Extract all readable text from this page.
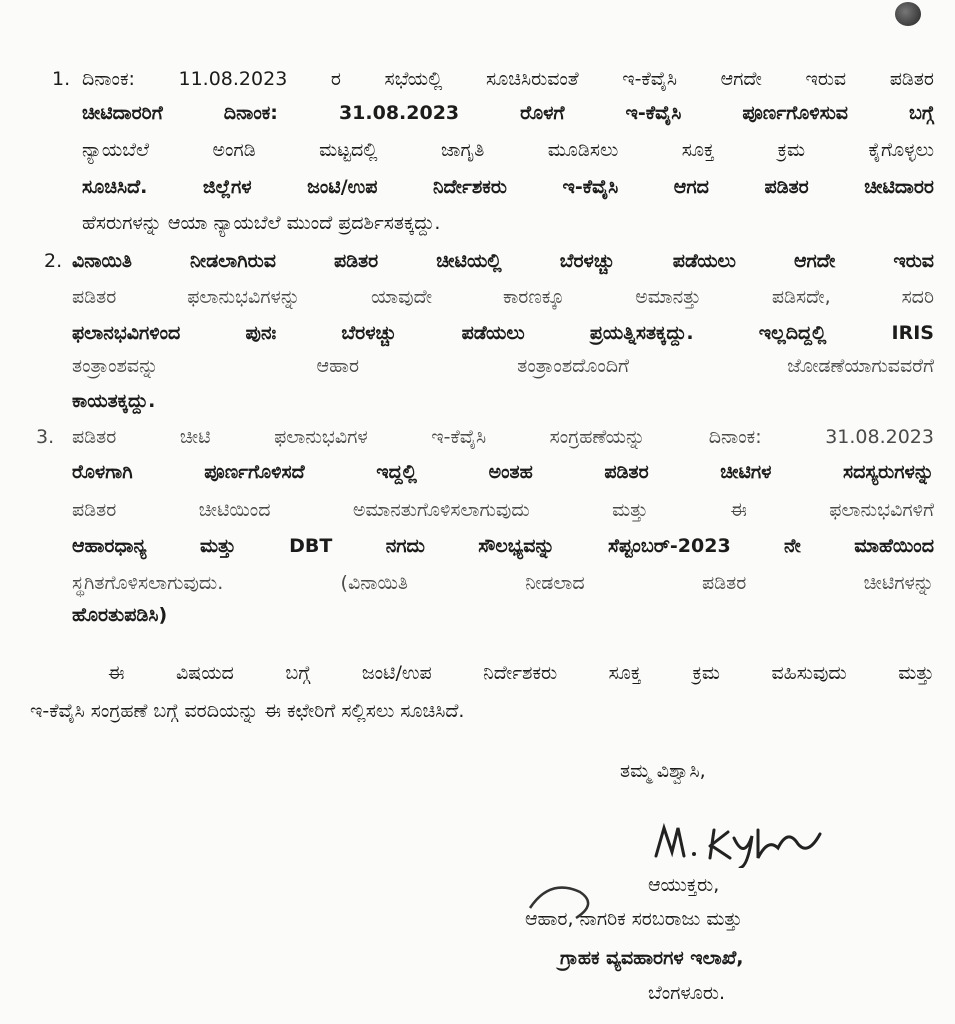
1. ದಿನಾಂಕ: 11.08.2023 ರ ಸಭೆಯಲ್ಲಿ ಸೂಚಿಸಿರುವಂತೆ ಇ-ಕೆವೈಸಿ ಆಗದೇ ಇರುವ ಪಡಿತರ
ಚೀಟಿದಾರರಿಗೆ ದಿನಾಂಕ: 31.08.2023 ರೊಳಗೆ ಇ-ಕೆವೈಸಿ ಪೂರ್ಣಗೊಳಿಸುವ ಬಗ್ಗೆ
ನ್ಯಾಯಬೆಲೆ ಅಂಗಡಿ ಮಟ್ಟದಲ್ಲಿ ಜಾಗೃತಿ ಮೂಡಿಸಲು ಸೂಕ್ತ ಕ್ರಮ ಕೈಗೊಳ್ಳಲು
ಸೂಚಿಸಿದೆ. ಜಿಲ್ಲೆಗಳ ಜಂಟಿ/ಉಪ ನಿರ್ದೇಶಕರು ಇ-ಕೆವೈಸಿ ಆಗದ ಪಡಿತರ ಚೀಟಿದಾರರ
ಹೆಸರುಗಳನ್ನು ಆಯಾ ನ್ಯಾಯಬೆಲೆ ಮುಂದೆ ಪ್ರದರ್ಶಿಸತಕ್ಕದ್ದು.
2. ವಿನಾಯಿತಿ ನೀಡಲಾಗಿರುವ ಪಡಿತರ ಚೀಟಿಯಲ್ಲಿ ಬೆರಳಚ್ಚು ಪಡೆಯಲು ಆಗದೇ ಇರುವ
ಪಡಿತರ ಫಲಾನುಭವಿಗಳನ್ನು ಯಾವುದೇ ಕಾರಣಕ್ಕೂ ಅಮಾನತ್ತು ಪಡಿಸದೇ, ಸದರಿ
ಫಲಾನಭವಿಗಳಿಂದ ಪುನಃ ಬೆರಳಚ್ಚು ಪಡೆಯಲು ಪ್ರಯತ್ನಿಸತಕ್ಕದ್ದು. ಇಲ್ಲದಿದ್ದಲ್ಲಿ IRIS
ತಂತ್ರಾಂಶವನ್ನು ಆಹಾರ ತಂತ್ರಾಂಶದೊಂದಿಗೆ ಜೋಡಣೆಯಾಗುವವರೆಗೆ
ಕಾಯತಕ್ಕದ್ದು.
3. ಪಡಿತರ ಚೀಟಿ ಫಲಾನುಭವಿಗಳ ಇ-ಕೆವೈಸಿ ಸಂಗ್ರಹಣೆಯನ್ನು ದಿನಾಂಕ: 31.08.2023
ರೊಳಗಾಗಿ ಪೂರ್ಣಗೊಳಿಸದೆ ಇದ್ದಲ್ಲಿ ಅಂತಹ ಪಡಿತರ ಚೀಟಿಗಳ ಸದಸ್ಯರುಗಳನ್ನು
ಪಡಿತರ ಚೀಟಿಯಿಂದ ಅಮಾನತುಗೊಳಿಸಲಾಗುವುದು ಮತ್ತು ಈ ಫಲಾನುಭವಿಗಳಿಗೆ
ಆಹಾರಧಾನ್ಯ ಮತ್ತು DBT ನಗದು ಸೌಲಭ್ಯವನ್ನು ಸೆಪ್ಟಂಬರ್-2023 ನೇ ಮಾಹೆಯಿಂದ
ಸ್ಥಗಿತಗೊಳಿಸಲಾಗುವುದು. (ವಿನಾಯಿತಿ ನೀಡಲಾದ ಪಡಿತರ ಚೀಟಿಗಳನ್ನು
ಹೊರತುಪಡಿಸಿ)
ಈ ವಿಷಯದ ಬಗ್ಗೆ ಜಂಟಿ/ಉಪ ನಿರ್ದೇಶಕರು ಸೂಕ್ತ ಕ್ರಮ ವಹಿಸುವುದು ಮತ್ತು
ಇ-ಕೆವೈಸಿ ಸಂಗ್ರಹಣೆ ಬಗ್ಗೆ ವರದಿಯನ್ನು ಈ ಕಛೇರಿಗೆ ಸಲ್ಲಿಸಲು ಸೂಚಿಸಿದೆ.
ತಮ್ಮ ವಿಶ್ವಾಸಿ,
ಆಯುಕ್ತರು,
ಆಹಾರ, ನಾಗರಿಕ ಸರಬರಾಜು ಮತ್ತು
ಗ್ರಾಹಕ ವ್ಯವಹಾರಗಳ ಇಲಾಖೆ,
ಬೆಂಗಳೂರು.
